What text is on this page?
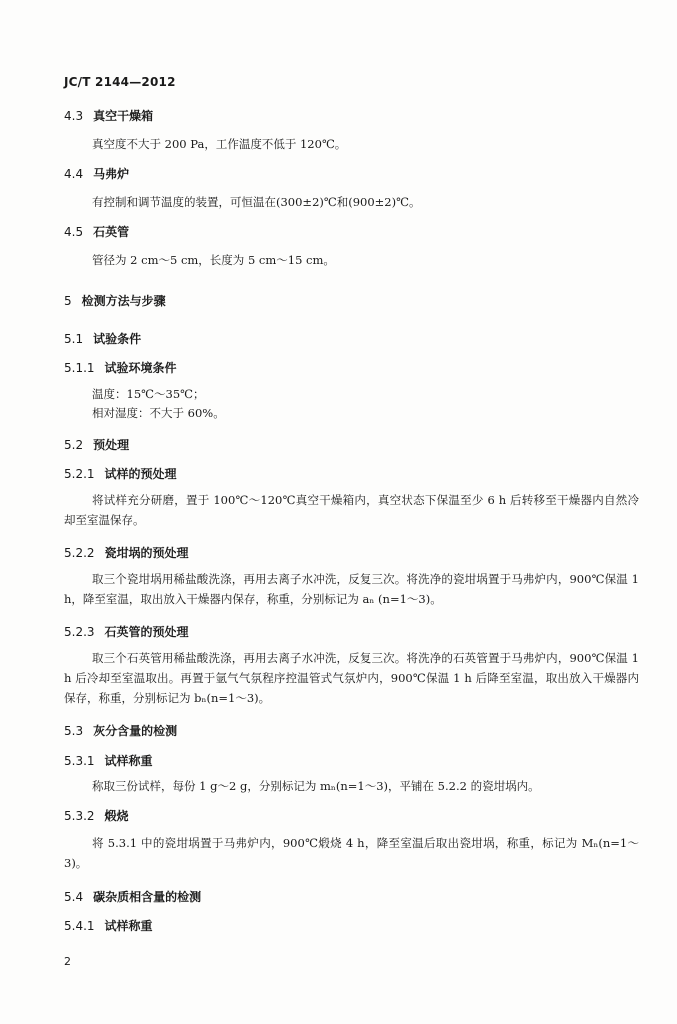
JC/T 2144—2012
4.3 真空干燥箱
真空度不大于 200 Pa，工作温度不低于 120℃。
4.4 马弗炉
有控制和调节温度的装置，可恒温在(300±2)℃和(900±2)℃。
4.5 石英管
管径为 2 cm～5 cm，长度为 5 cm～15 cm。
5 检测方法与步骤
5.1 试验条件
5.1.1 试验环境条件
温度：15℃～35℃；
相对湿度：不大于 60%。
5.2 预处理
5.2.1 试样的预处理
将试样充分研磨，置于 100℃～120℃真空干燥箱内，真空状态下保温至少 6 h 后转移至干燥器内自然冷却至室温保存。
5.2.2 瓷坩埚的预处理
取三个瓷坩埚用稀盐酸洗涤，再用去离子水冲洗，反复三次。将洗净的瓷坩埚置于马弗炉内，900℃保温 1 h，降至室温，取出放入干燥器内保存，称重，分别标记为 aₙ (n=1～3)。
5.2.3 石英管的预处理
取三个石英管用稀盐酸洗涤，再用去离子水冲洗，反复三次。将洗净的石英管置于马弗炉内，900℃保温 1 h 后冷却至室温取出。再置于氩气气氛程序控温管式气氛炉内，900℃保温 1 h 后降至室温，取出放入干燥器内保存，称重，分别标记为 bₙ(n=1～3)。
5.3 灰分含量的检测
5.3.1 试样称重
称取三份试样，每份 1 g～2 g，分别标记为 mₙ(n=1～3)，平铺在 5.2.2 的瓷坩埚内。
5.3.2 煅烧
将 5.3.1 中的瓷坩埚置于马弗炉内，900℃煅烧 4 h，降至室温后取出瓷坩埚，称重，标记为 Mₙ(n=1～3)。
5.4 碳杂质相含量的检测
5.4.1 试样称重
2
